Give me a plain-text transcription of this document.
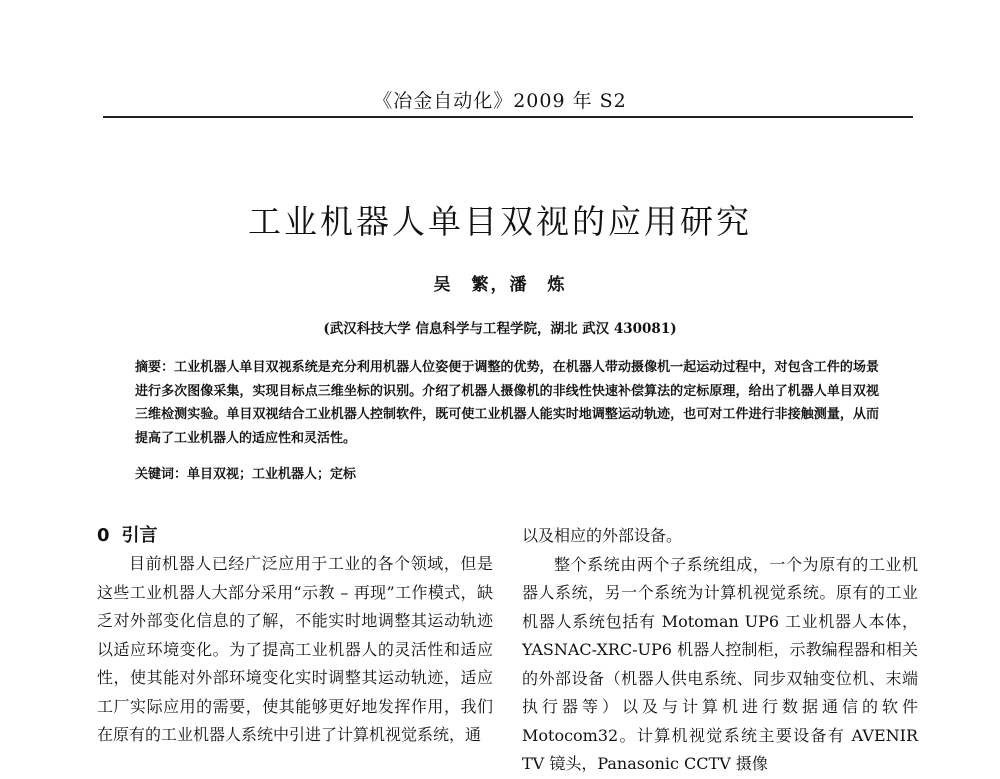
《冶金自动化》2009 年 S2
工业机器人单目双视的应用研究
吴　繁，潘　炼
(武汉科技大学 信息科学与工程学院，湖北 武汉 430081)
摘要：工业机器人单目双视系统是充分利用机器人位姿便于调整的优势，在机器人带动摄像机一起运动过程中，对包含工件的场景进行多次图像采集，实现目标点三维坐标的识别。介绍了机器人摄像机的非线性快速补偿算法的定标原理，给出了机器人单目双视三维检测实验。单目双视结合工业机器人控制软件，既可使工业机器人能实时地调整运动轨迹，也可对工件进行非接触测量，从而提高了工业机器人的适应性和灵活性。
关键词：单目双视；工业机器人；定标
0 引言

目前机器人已经广泛应用于工业的各个领域，但是这些工业机器人大部分采用“示教 – 再现”工作模式，缺乏对外部变化信息的了解，不能实时地调整其运动轨迹以适应环境变化。为了提高工业机器人的灵活性和适应性，使其能对外部环境变化实时调整其运动轨迹，适应工厂实际应用的需要，使其能够更好地发挥作用，我们在原有的工业机器人系统中引进了计算机视觉系统，通

以及相应的外部设备。

整个系统由两个子系统组成，一个为原有的工业机器人系统，另一个系统为计算机视觉系统。原有的工业机器人系统包括有 Motoman UP6 工业机器人本体，YASNAC-XRC-UP6 机器人控制柜，示教编程器和相关的外部设备（机器人供电系统、同步双轴变位机、末端执行器等）以及与计算机进行数据通信的软件 Motocom32。计算机视觉系统主要设备有 AVENIR TV 镜头，Panasonic CCTV 摄像
